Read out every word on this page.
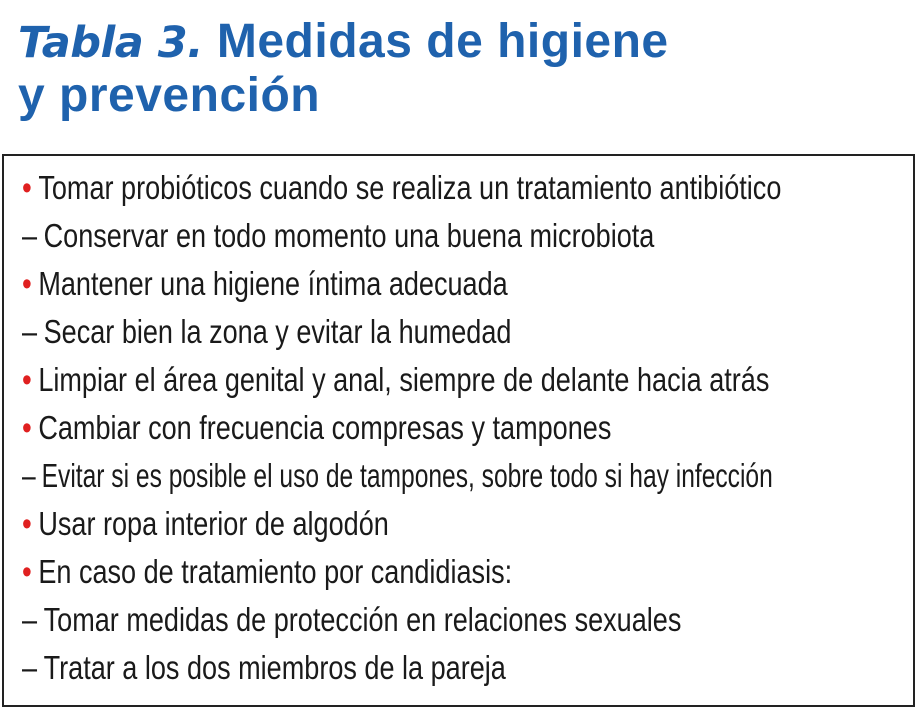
Tabla 3. Medidas de higiene
y prevención
• Tomar probióticos cuando se realiza un tratamiento antibiótico
– Conservar en todo momento una buena microbiota
• Mantener una higiene íntima adecuada
– Secar bien la zona y evitar la humedad
• Limpiar el área genital y anal, siempre de delante hacia atrás
• Cambiar con frecuencia compresas y tampones
– Evitar si es posible el uso de tampones, sobre todo si hay infección
• Usar ropa interior de algodón
• En caso de tratamiento por candidiasis:
– Tomar medidas de protección en relaciones sexuales
– Tratar a los dos miembros de la pareja
